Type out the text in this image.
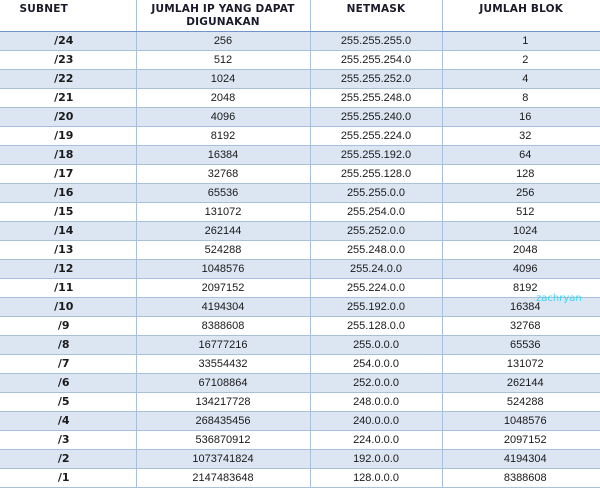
SUBNET	JUMLAH IP YANG DAPAT DIGUNAKAN	NETMASK	JUMLAH BLOK
/24	256	255.255.255.0	1
/23	512	255.255.254.0	2
/22	1024	255.255.252.0	4
/21	2048	255.255.248.0	8
/20	4096	255.255.240.0	16
/19	8192	255.255.224.0	32
/18	16384	255.255.192.0	64
/17	32768	255.255.128.0	128
/16	65536	255.255.0.0	256
/15	131072	255.254.0.0	512
/14	262144	255.252.0.0	1024
/13	524288	255.248.0.0	2048
/12	1048576	255.24.0.0	4096
/11	2097152	255.224.0.0	8192
/10	4194304	255.192.0.0	16384
/9	8388608	255.128.0.0	32768
/8	16777216	255.0.0.0	65536
/7	33554432	254.0.0.0	131072
/6	67108864	252.0.0.0	262144
/5	134217728	248.0.0.0	524288
/4	268435456	240.0.0.0	1048576
/3	536870912	224.0.0.0	2097152
/2	1073741824	192.0.0.0	4194304
/1	2147483648	128.0.0.0	8388608
zachryan
